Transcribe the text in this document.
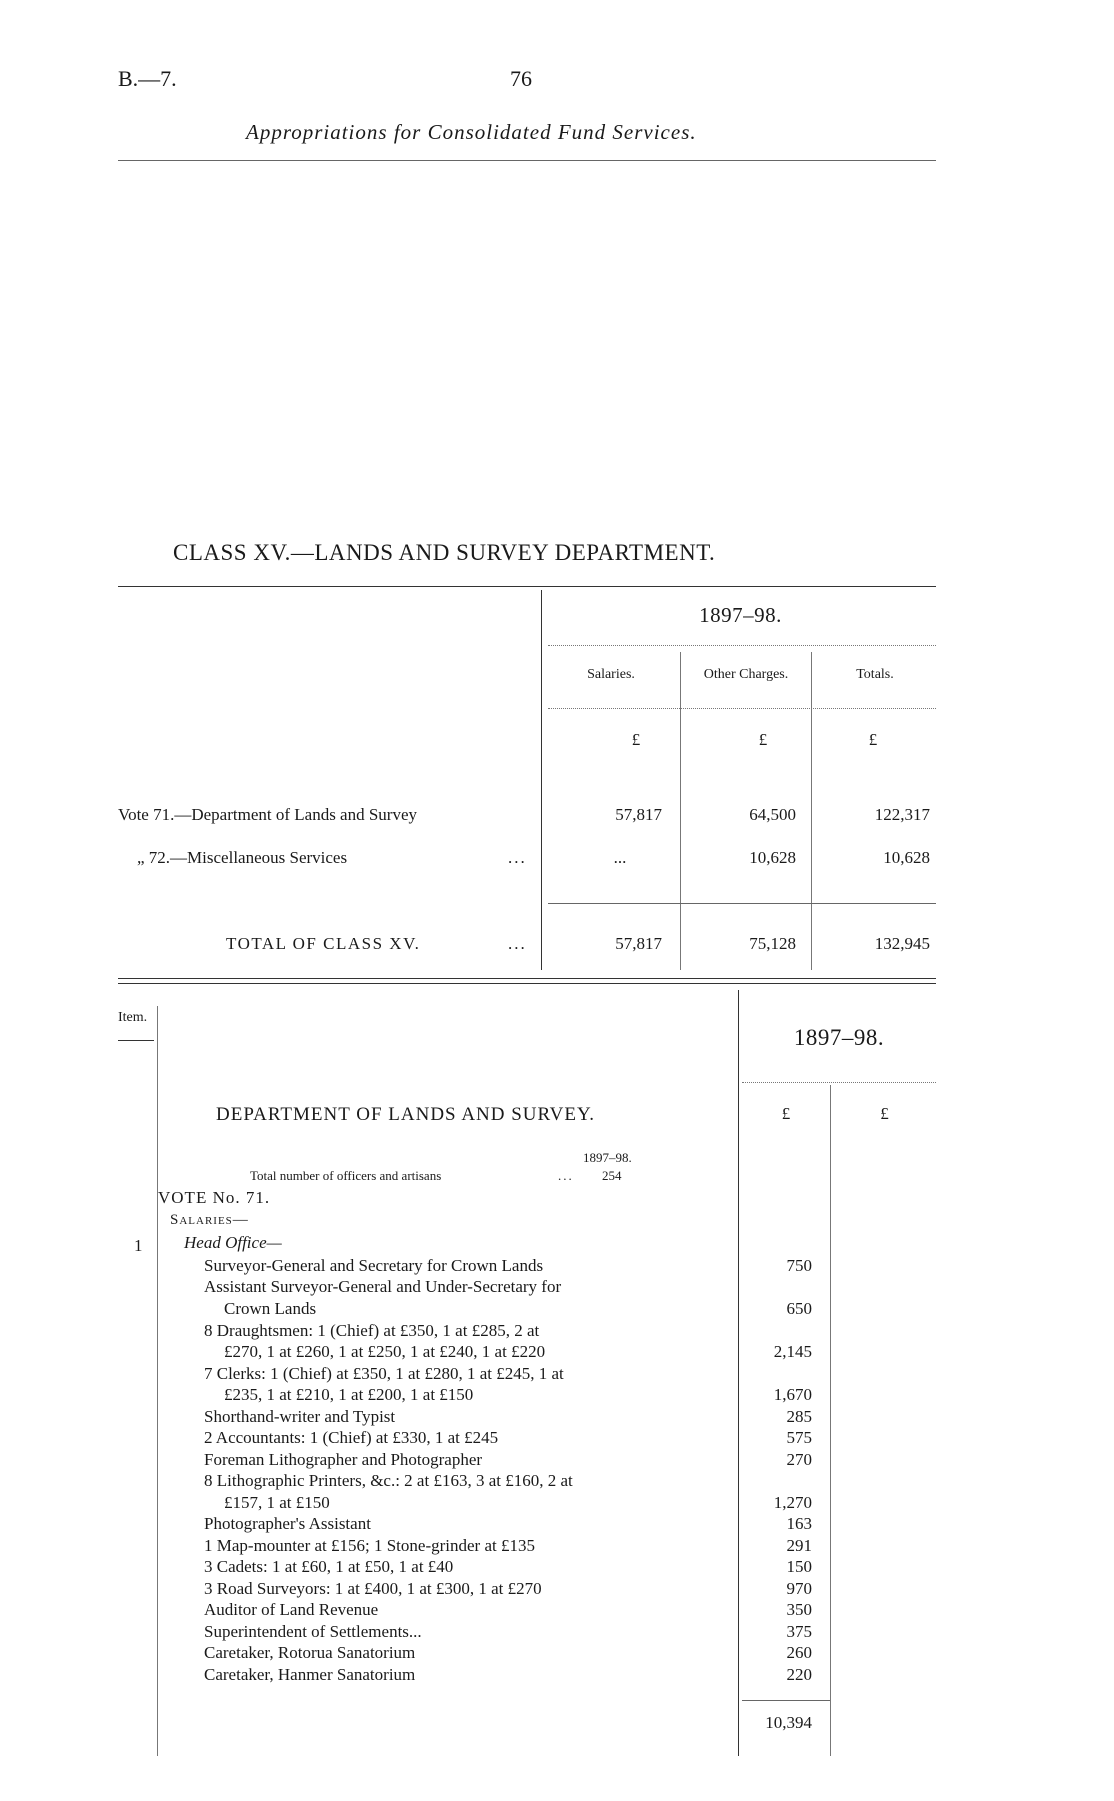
B.—7.	76
Appropriations for Consolidated Fund Services.
CLASS XV.—LANDS AND SURVEY DEPARTMENT.
1897–98.
Salaries.	Other Charges.	Totals.
£	£	£
Vote 71.—Department of Lands and Survey	57,817	64,500	122,317
„ 72.—Miscellaneous Services	...	...	10,628	10,628
TOTAL OF CLASS XV.	...	57,817	75,128	132,945
Item.
1897–98.
£	£
DEPARTMENT OF LANDS AND SURVEY.
1897–98.
Total number of officers and artisans	... 254
VOTE No. 71.
Salaries—
1 Head Office—
Surveyor-General and Secretary for Crown Lands	750
Assistant Surveyor-General and Under-Secretary for
Crown Lands	650
8 Draughtsmen: 1 (Chief) at £350, 1 at £285, 2 at
£270, 1 at £260, 1 at £250, 1 at £240, 1 at £220	2,145
7 Clerks: 1 (Chief) at £350, 1 at £280, 1 at £245, 1 at
£235, 1 at £210, 1 at £200, 1 at £150	1,670
Shorthand-writer and Typist	285
2 Accountants: 1 (Chief) at £330, 1 at £245	575
Foreman Lithographer and Photographer	270
8 Lithographic Printers, &c.: 2 at £163, 3 at £160, 2 at
£157, 1 at £150	1,270
Photographer's Assistant	163
1 Map-mounter at £156; 1 Stone-grinder at £135	291
3 Cadets: 1 at £60, 1 at £50, 1 at £40	150
3 Road Surveyors: 1 at £400, 1 at £300, 1 at £270	970
Auditor of Land Revenue	350
Superintendent of Settlements...	375
Caretaker, Rotorua Sanatorium	260
Caretaker, Hanmer Sanatorium	220
10,394
